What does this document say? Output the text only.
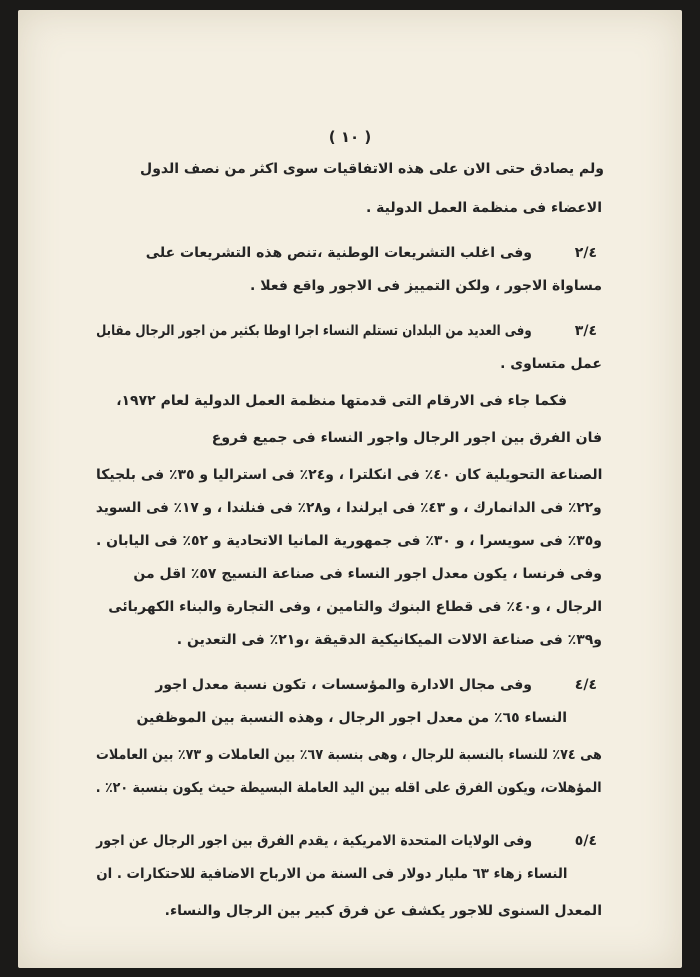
( ١٠ )
ولم يصادق حتى الان على هذه الاتفاقيات سوى اكثر من نصف الدول
الاعضاء فى منظمة العمل الدولية .
٢/٤
وفى اغلب التشريعات الوطنية ،تنص هذه التشريعات على
مساواة الاجور ، ولكن التمييز فى الاجور واقع فعلا .
٣/٤
وفى العديد من البلدان تستلم النساء اجرا اوطا بكثير من اجور الرجال مقابل
عمل متساوى .
فكما جاء فى الارقام التى قدمتها منظمة العمل الدولية لعام ١٩٧٢،
فان الفرق بين اجور الرجال واجور النساء فى جميع فروع
الصناعة التحويلية كان ٤٠٪ فى انكلترا ، و٢٤٪ فى استراليا و ٣٥٪ فى بلجيكا
و٢٢٪ فى الدانمارك ، و ٤٣٪ فى ايرلندا ، و٢٨٪ فى فنلندا ، و ١٧٪ فى السويد
و٣٥٪ فى سويسرا ، و ٣٠٪ فى جمهورية المانيا الاتحادية و ٥٢٪ فى اليابان .
وفى فرنسا ، يكون معدل اجور النساء فى صناعة النسيج ٥٧٪ اقل من
الرجال ، و٤٠٪ فى قطاع البنوك والتامين ، وفى التجارة والبناء الكهربائى
و٣٩٪ فى صناعة الالات الميكانيكية الدقيقة ،و٢١٪ فى التعدين .
٤/٤
وفى مجال الادارة والمؤسسات ، تكون نسبة معدل اجور
النساء ٦٥٪ من معدل اجور الرجال ، وهذه النسبة بين الموظفين
هى ٧٤٪ للنساء بالنسبة للرجال ، وهى بنسبة ٦٧٪ بين العاملات و ٧٣٪ بين العاملات
المؤهلات، ويكون الفرق على اقله بين اليد العاملة البسيطة حيث يكون بنسبة ٢٠٪ .
٥/٤
وفى الولايات المتحدة الامريكية ، يقدم الفرق بين اجور الرجال عن اجور
النساء زهاء ٦٣ مليار دولار فى السنة من الارباح الاضافية للاحتكارات . ان
المعدل السنوى للاجور يكشف عن فرق كبير بين الرجال والنساء.
